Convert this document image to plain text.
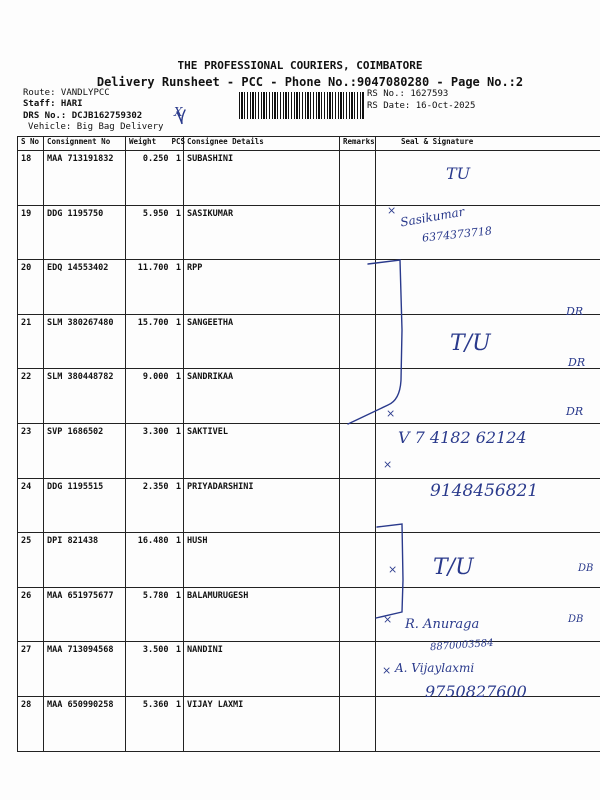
THE PROFESSIONAL COURIERS, COIMBATORE
Delivery Runsheet - PCC - Phone No.:9047080280 - Page No.:2
Route: VANDLYPCC
Staff: HARI
DRS No.: DCJB162759302
Vehicle: Big Bag Delivery
RS No.: 1627593
RS Date: 16-Oct-2025
S No	Consignment No	Weight	PCS	Consignee Details	Remarks	Seal & Signature
18	MAA 713191832	0.250	1	SUBASHINI		
19	DDG 1195750	5.950	1	SASIKUMAR		
20	EDQ 14553402	11.700	1	RPP		
21	SLM 380267480	15.700	1	SANGEETHA		
22	SLM 380448782	9.000	1	SANDRIKAA		
23	SVP 1686502	3.300	1	SAKTIVEL		
24	DDG 1195515	2.350	1	PRIYADARSHINI		
25	DPI 821438	16.480	1	HUSH		
26	MAA 651975677	5.780	1	BALAMURUGESH		
27	MAA 713094568	3.500	1	NANDINI		
28	MAA 650990258	5.360	1	VIJAY LAXMI		
X
TU
× Sasikumar
6374373718
DR
T/U
DR
×	DR
V 7 4182 62124
×
9148456821
× T/U	DB
× R. Anuraga
8870003584
DB
× A. Vijaylaxmi
9750827600
